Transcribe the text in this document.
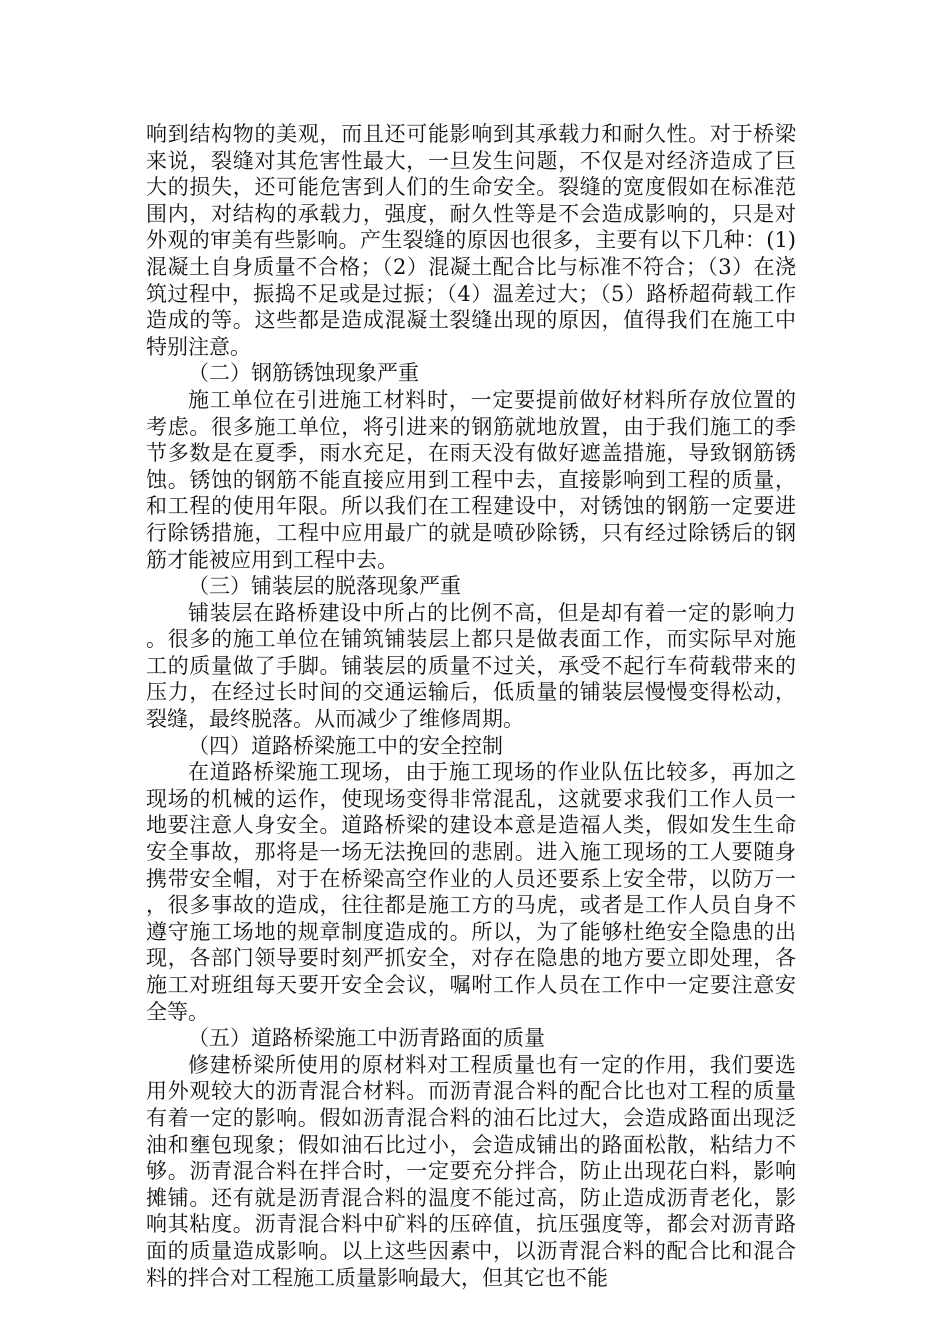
响到结构物的美观，而且还可能影响到其承载力和耐久性。对于桥梁来说，裂缝对其危害性最大，一旦发生问题，不仅是对经济造成了巨大的损失，还可能危害到人们的生命安全。裂缝的宽度假如在标准范围内，对结构的承载力，强度，耐久性等是不会造成影响的，只是对外观的审美有些影响。产生裂缝的原因也很多，主要有以下几种：(1)混凝土自身质量不合格；（2）混凝土配合比与标准不符合；（3）在浇筑过程中，振捣不足或是过振；（4）温差过大；（5）路桥超荷载工作造成的等。这些都是造成混凝土裂缝出现的原因，值得我们在施工中特别注意。

（二）钢筋锈蚀现象严重

施工单位在引进施工材料时，一定要提前做好材料所存放位置的考虑。很多施工单位，将引进来的钢筋就地放置，由于我们施工的季节多数是在夏季，雨水充足，在雨天没有做好遮盖措施，导致钢筋锈蚀。锈蚀的钢筋不能直接应用到工程中去，直接影响到工程的质量，和工程的使用年限。所以我们在工程建设中，对锈蚀的钢筋一定要进行除锈措施，工程中应用最广的就是喷砂除锈，只有经过除锈后的钢筋才能被应用到工程中去。

（三）铺装层的脱落现象严重

铺装层在路桥建设中所占的比例不高，但是却有着一定的影响力。很多的施工单位在铺筑铺装层上都只是做表面工作，而实际早对施工的质量做了手脚。铺装层的质量不过关，承受不起行车荷载带来的压力，在经过长时间的交通运输后，低质量的铺装层慢慢变得松动，裂缝，最终脱落。从而减少了维修周期。

（四）道路桥梁施工中的安全控制

在道路桥梁施工现场，由于施工现场的作业队伍比较多，再加之现场的机械的运作，使现场变得非常混乱，这就要求我们工作人员一地要注意人身安全。道路桥梁的建设本意是造福人类，假如发生生命安全事故，那将是一场无法挽回的悲剧。进入施工现场的工人要随身携带安全帽，对于在桥梁高空作业的人员还要系上安全带，以防万一，很多事故的造成，往往都是施工方的马虎，或者是工作人员自身不遵守施工场地的规章制度造成的。所以，为了能够杜绝安全隐患的出现，各部门领导要时刻严抓安全，对存在隐患的地方要立即处理，各施工对班组每天要开安全会议，嘱咐工作人员在工作中一定要注意安全等。

（五）道路桥梁施工中沥青路面的质量

修建桥梁所使用的原材料对工程质量也有一定的作用，我们要选用外观较大的沥青混合材料。而沥青混合料的配合比也对工程的质量有着一定的影响。假如沥青混合料的油石比过大，会造成路面出现泛油和壅包现象；假如油石比过小，会造成铺出的路面松散，粘结力不够。沥青混合料在拌合时，一定要充分拌合，防止出现花白料，影响摊铺。还有就是沥青混合料的温度不能过高，防止造成沥青老化，影响其粘度。沥青混合料中矿料的压碎值，抗压强度等，都会对沥青路面的质量造成影响。以上这些因素中，以沥青混合料的配合比和混合料的拌合对工程施工质量影响最大，但其它也不能
